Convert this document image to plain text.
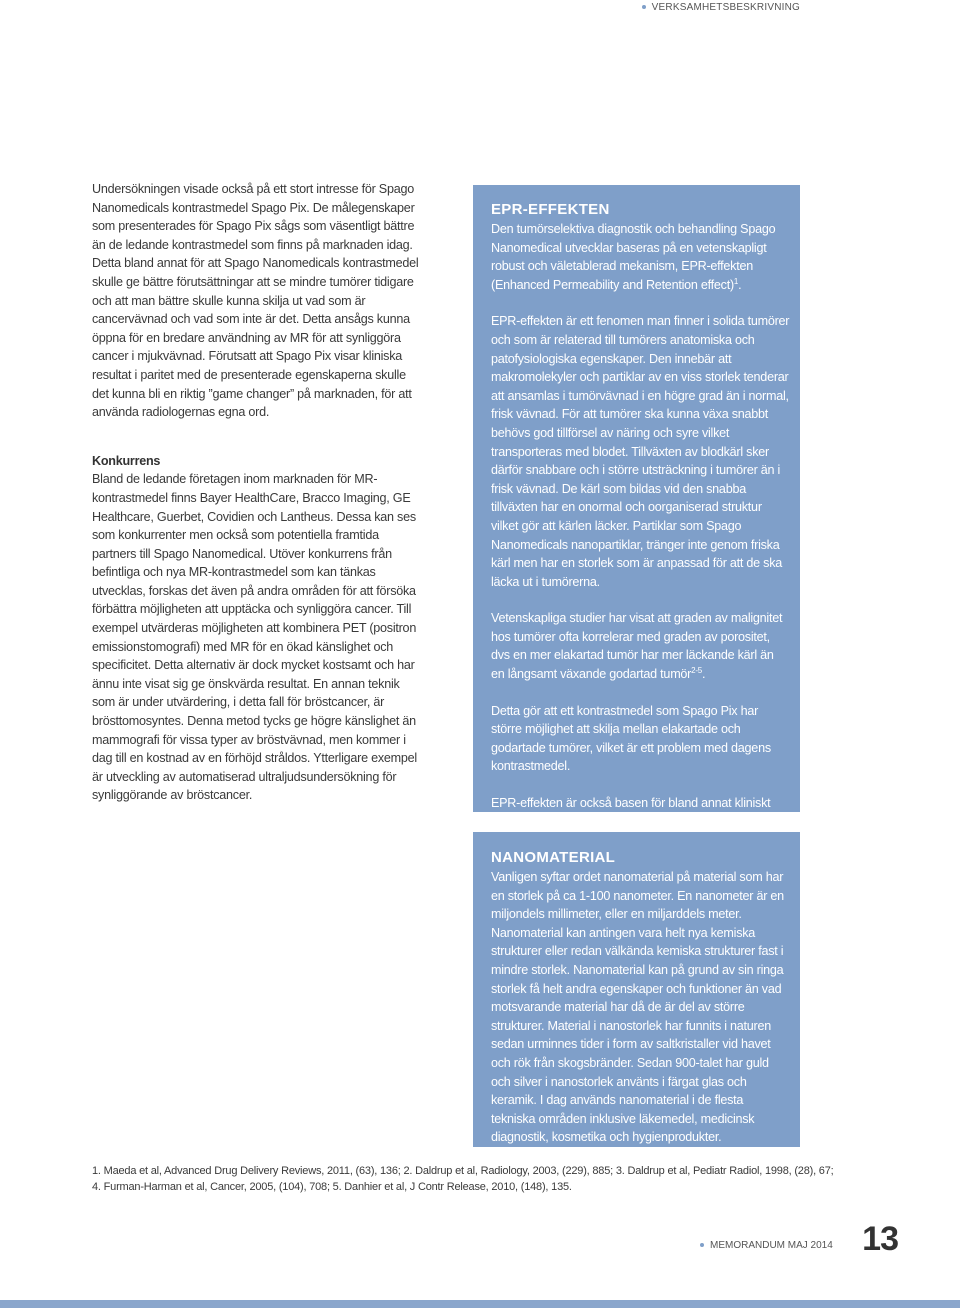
VERKSAMHETSBESKRIVNING

Undersökningen visade också på ett stort intresse för Spago Nanomedicals kontrastmedel Spago Pix. De målegenskaper som presenterades för Spago Pix sågs som väsentligt bättre än de ledande kontrastmedel som finns på marknaden idag. Detta bland annat för att Spago Nanomedicals kontrastmedel skulle ge bättre förutsättningar att se mindre tumörer tidigare och att man bättre skulle kunna skilja ut vad som är cancervävnad och vad som inte är det. Detta ansågs kunna öppna för en bredare användning av MR för att synliggöra cancer i mjukvävnad. Förutsatt att Spago Pix visar kliniska resultat i paritet med de presenterade egenskaperna skulle det kunna bli en riktig ”game changer” på marknaden, för att använda radiologernas egna ord.

Konkurrens

Bland de ledande företagen inom marknaden för MR-kontrastmedel finns Bayer HealthCare, Bracco Imaging, GE Healthcare, Guerbet, Covidien och Lantheus. Dessa kan ses som konkurrenter men också som potentiella framtida partners till Spago Nanomedical. Utöver konkurrens från befintliga och nya MR-kontrastmedel som kan tänkas utvecklas, forskas det även på andra områden för att försöka förbättra möjligheten att upptäcka och synliggöra cancer. Till exempel utvärderas möjligheten att kombinera PET (positron emissionstomografi) med MR för en ökad känslighet och specificitet. Detta alternativ är dock mycket kostsamt och har ännu inte visat sig ge önskvärda resultat. En annan teknik som är under utvärdering, i detta fall för bröstcancer, är brösttomosyntes. Denna metod tycks ge högre känslighet än mammografi för vissa typer av bröstvävnad, men kommer i dag till en kostnad av en förhöjd stråldos. Ytterligare exempel är utveckling av automatiserad ultraljudsundersökning för synliggörande av bröstcancer.

EPR-EFFEKTEN

Den tumörselektiva diagnostik och behandling Spago Nanomedical utvecklar baseras på en vetenskapligt robust och väletablerad mekanism, EPR-effekten (Enhanced Permeability and Retention effect)$^1$.

EPR-effekten är ett fenomen man finner i solida tumörer och som är relaterad till tumörers anatomiska och patofysiologiska egenskaper. Den innebär att makromolekyler och partiklar av en viss storlek tenderar att ansamlas i tumörvävnad i en högre grad än i normal, frisk vävnad. För att tumörer ska kunna växa snabbt behövs god tillförsel av näring och syre vilket transporteras med blodet. Tillväxten av blodkärl sker därför snabbare och i större utsträckning i tumörer än i frisk vävnad. De kärl som bildas vid den snabba tillväxten har en onormal och oorganiserad struktur vilket gör att kärlen läcker. Partiklar som Spago Nanomedicals nanopartiklar, tränger inte genom friska kärl men har en storlek som är anpassad för att de ska läcka ut i tumörerna.

Vetenskapliga studier har visat att graden av malignitet hos tumörer ofta korrelerar med graden av porositet, dvs en mer elakartad tumör har mer läckande kärl än en långsamt växande godartad tumör$^{2-5}$.

Detta gör att ett kontrastmedel som Spago Pix har större möjlighet att skilja mellan elakartade och godartade tumörer, vilket är ett problem med dagens kontrastmedel.

EPR-effekten är också basen för bland annat kliniskt använda nanomedicin-baserade läkemedel som t.ex

NANOMATERIAL

Vanligen syftar ordet nanomaterial på material som har en storlek på ca 1-100 nanometer. En nanometer är en miljondels millimeter, eller en miljarddels meter. Nanomaterial kan antingen vara helt nya kemiska strukturer eller redan välkända kemiska strukturer fast i mindre storlek. Nanomaterial kan på grund av sin ringa storlek få helt andra egenskaper och funktioner än vad motsvarande material har då de är del av större strukturer. Material i nanostorlek har funnits i naturen sedan urminnes tider i form av saltkristaller vid havet och rök från skogsbränder. Sedan 900-talet har guld och silver i nanostorlek använts i färgat glas och keramik. I dag används nanomaterial i de flesta tekniska områden inklusive läkemedel, medicinsk diagnostik, kosmetika och hygienprodukter.

1. Maeda et al, Advanced Drug Delivery Reviews, 2011, (63), 136; 2. Daldrup et al, Radiology, 2003, (229), 885; 3. Daldrup et al, Pediatr Radiol, 1998, (28), 67;
4. Furman-Harman et al, Cancer, 2005, (104), 708; 5. Danhier et al, J Contr Release, 2010, (148), 135.
MEMORANDUM MAJ 2014 13
